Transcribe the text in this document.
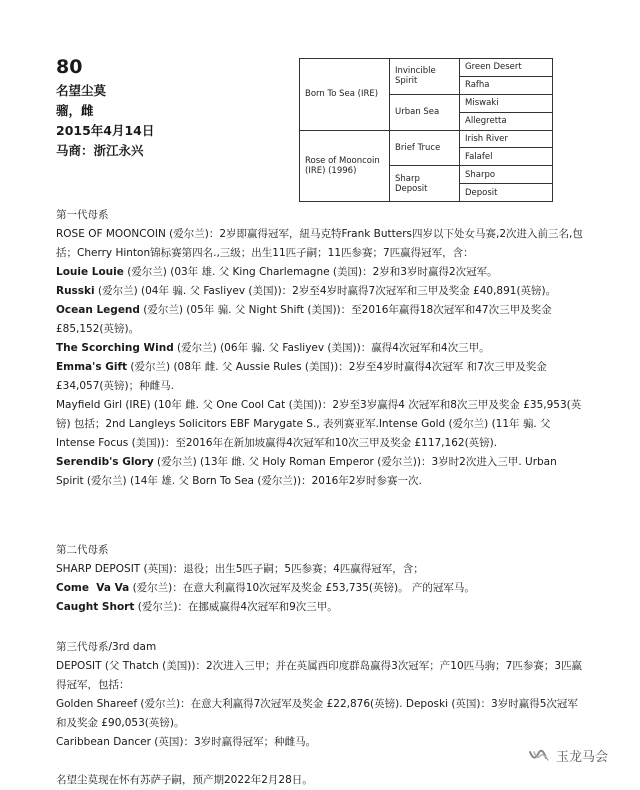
80
名望尘莫
骝，雌
2015年4月14日
马商：浙江永兴
Born To Sea (IRE)	Invincible Spirit	Green Desert
		Rafha
	Urban Sea	Miswaki
		Allegretta
Rose of Mooncoin (IRE) (1996)	Brief Truce	Irish River
		Falafel
	Sharp Deposit	Sharpo
		Deposit

第一代母系

ROSE OF MOONCOIN (爱尔兰)：2岁即赢得冠军，紐马克特Frank Butters四岁以下处女马赛,2次进入前三名,包括；Cherry Hinton锦标赛第四名.,三级；出生11匹子嗣；11匹参赛；7匹赢得冠军，含：

Louie Louie (爱尔兰) (03年 雄. 父 King Charlemagne (美国)：2岁和3岁时赢得2次冠军。

Russki (爱尔兰) (04年 骟. 父 Fasliyev (美国))：2岁至4岁时赢得7次冠军和三甲及奖金 £40,891(英镑)。

Ocean Legend (爱尔兰) (05年 骟. 父 Night Shift (美国))：至2016年赢得18次冠军和47次三甲及奖金£85,152(英镑)。

The Scorching Wind (爱尔兰) (06年 骟. 父 Fasliyev (美国))：赢得4次冠军和4次三甲。

Emma's Gift (爱尔兰) (08年 雌. 父 Aussie Rules (美国))：2岁至4岁时赢得4次冠军 和7次三甲及奖金£34,057(英镑)；种雌马.

Mayfield Girl (IRE) (10年 雌. 父 One Cool Cat (美国))：2岁至3岁赢得4 次冠军和8次三甲及奖金 £35,953(英镑) 包括；2nd Langleys Solicitors EBF Marygate S., 表列赛亚军.Intense Gold (爱尔兰) (11年 骟. 父 Intense Focus (美国))：至2016年在新加坡赢得4次冠军和10次三甲及奖金 £117,162(英镑).

Serendib's Glory (爱尔兰) (13年 雌. 父 Holy Roman Emperor (爱尔兰))：3岁时2次进入三甲. Urban Spirit (爱尔兰) (14年 雄. 父 Born To Sea (爱尔兰))：2016年2岁时参赛一次.

第二代母系

SHARP DEPOSIT (英国)：退役；出生5匹子嗣；5匹参赛；4匹赢得冠军，含；

Come  Va Va (爱尔兰)：在意大利赢得10次冠军及奖金 £53,735(英镑)。 产的冠军马。

Caught Short (爱尔兰)：在挪威赢得4次冠军和9次三甲。

第三代母系/3rd dam

DEPOSIT (父 Thatch (美国))：2次进入三甲；并在英属西印度群岛赢得3次冠军；产10匹马驹；7匹参赛；3匹赢得冠军，包括：

Golden Shareef (爱尔兰)：在意大利赢得7次冠军及奖金 £22,876(英镑). Deposki (英国)：3岁时赢得5次冠军和及奖金 £90,053(英镑)。

Caribbean Dancer (英国)：3岁时赢得冠军；种雌马。

名望尘莫现在怀有苏萨子嗣，预产期2022年2月28日。

玉龙马会
